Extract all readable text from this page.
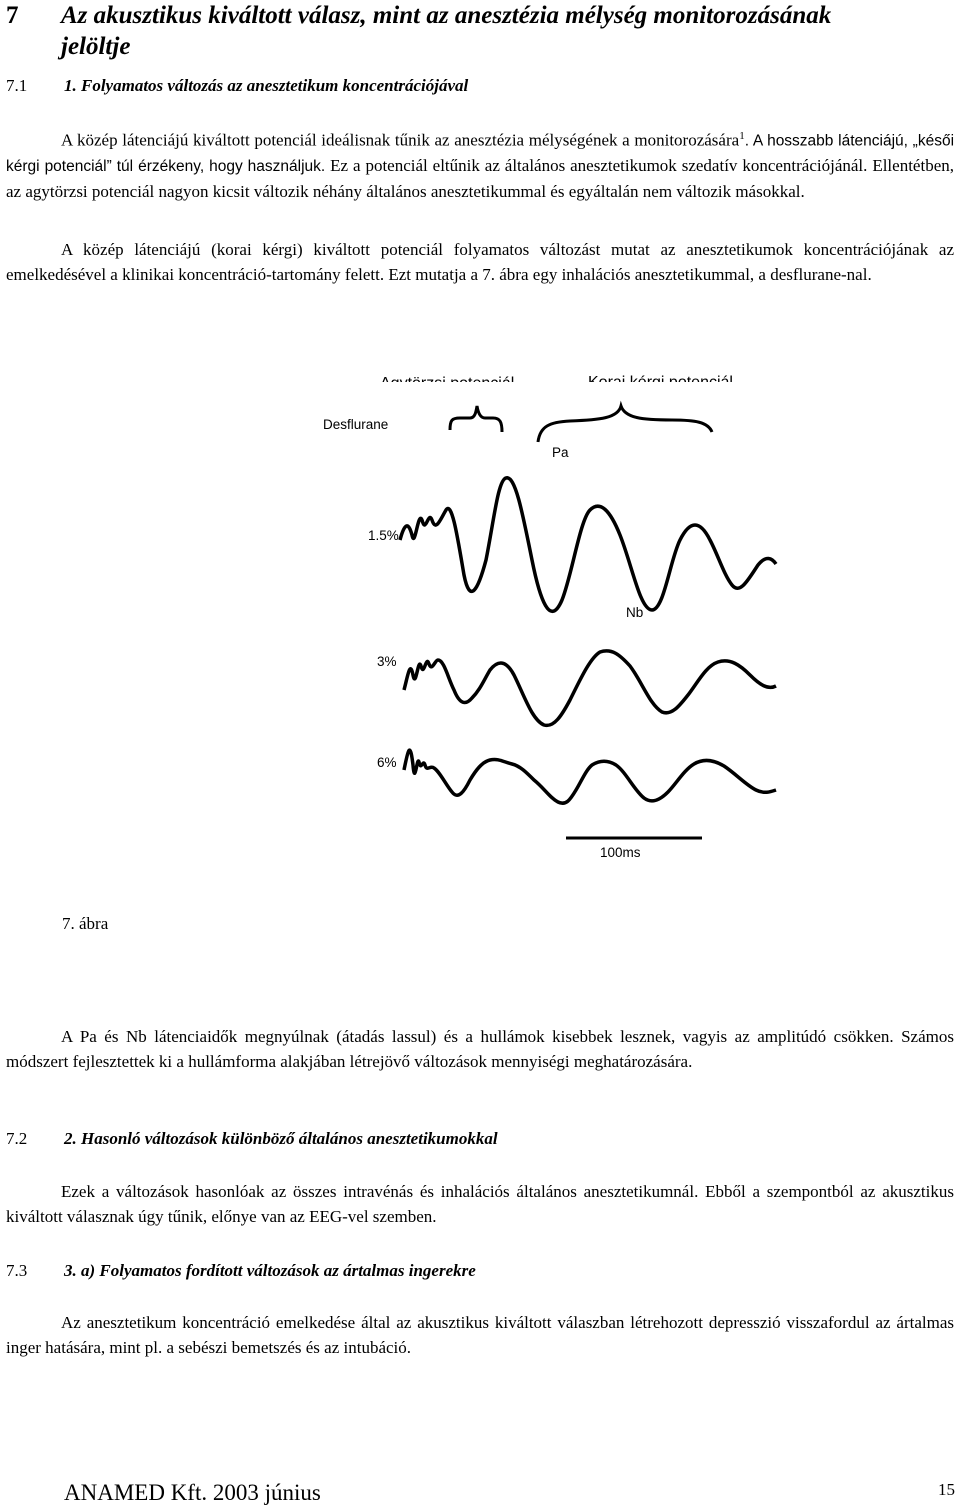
7 Az akusztikus kiváltott válasz, mint az anesztézia mélység monitorozásának
jelöltje
7.1 1. Folyamatos változás az anesztetikum koncentrációjával
A közép látenciájú kiváltott potenciál ideálisnak tűnik az anesztézia mélységének a monitorozására$^1$. A hosszabb látenciájú, „késői kérgi potenciál” túl érzékeny, hogy használjuk. Ez a potenciál eltűnik az általános anesztetikumok szedatív koncentrációjánál. Ellentétben, az agytörzsi potenciál nagyon kicsit változik néhány általános anesztetikummal és egyáltalán nem változik másokkal.
A közép látenciájú (korai kérgi) kiváltott potenciál folyamatos változást mutat az anesztetikumok koncentrációjának az emelkedésével a klinikai koncentráció-tartomány felett. Ezt mutatja a 7. ábra egy inhalációs anesztetikummal, a desflurane-nal.
Desflurane
Pa
1.5%
Nb
3%
6%
100ms
7. ábra
A Pa és Nb látenciaidők megnyúlnak (átadás lassul) és a hullámok kisebbek lesznek, vagyis az amplitúdó csökken. Számos módszert fejlesztettek ki a hullámforma alakjában létrejövő változások mennyiségi meghatározására.
7.2 2. Hasonló változások különböző általános anesztetikumokkal
Ezek a változások hasonlóak az összes intravénás és inhalációs általános anesztetikumnál. Ebből a szempontból az akusztikus kiváltott válasznak úgy tűnik, előnye van az EEG-vel szemben.
7.3 3. a) Folyamatos fordított változások az ártalmas ingerekre
Az anesztetikum koncentráció emelkedése által az akusztikus kiváltott válaszban létrehozott depresszió visszafordul az ártalmas inger hatására, mint pl. a sebészi bemetszés és az intubáció.
ANAMED Kft. 2003 június	15
